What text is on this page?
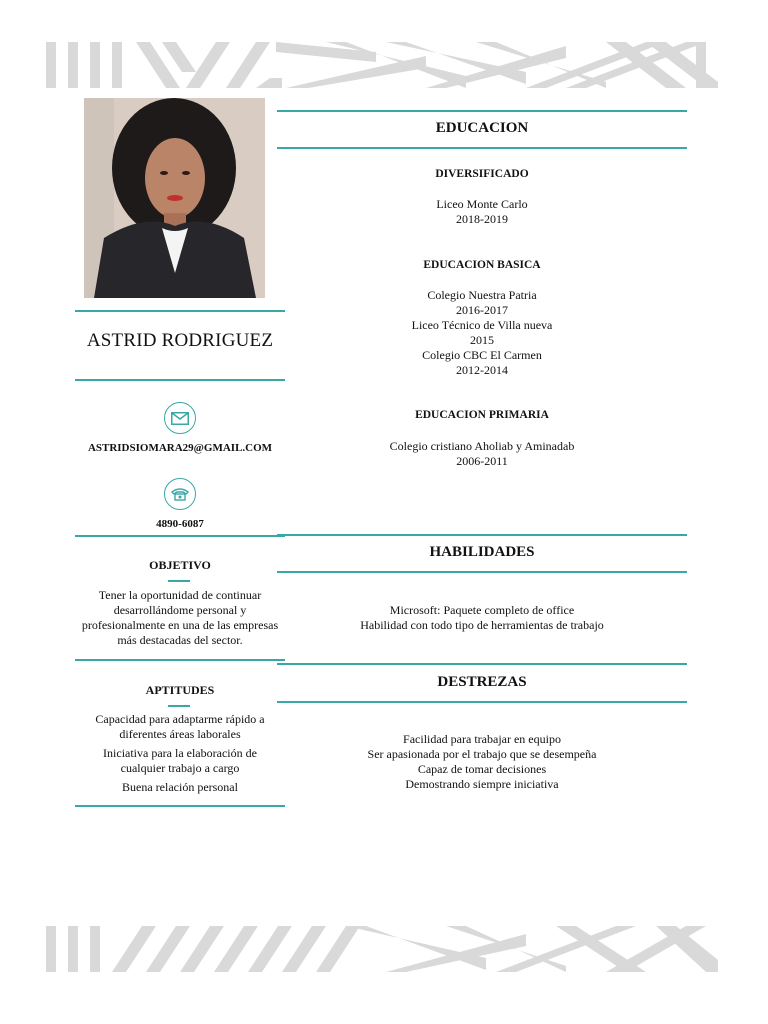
ASTRID RODRIGUEZ
ASTRIDSIOMARA29@GMAIL.COM
4890-6087
OBJETIVO
Tener la oportunidad de continuar desarrollándome personal y profesionalmente en una de las empresas más destacadas del sector.
APTITUDES
Capacidad para adaptarme rápido a diferentes áreas laborales
Iniciativa para la elaboración de cualquier trabajo a cargo
Buena relación personal
EDUCACION
DIVERSIFICADO
Liceo Monte Carlo
2018-2019
EDUCACION BASICA
Colegio Nuestra Patria
2016-2017
Liceo Técnico de Villa nueva
2015
Colegio CBC El Carmen
2012-2014
EDUCACION PRIMARIA
Colegio cristiano Aholiab y Aminadab
2006-2011
HABILIDADES
Microsoft: Paquete completo de office
Habilidad con todo tipo de herramientas de trabajo
DESTREZAS
Facilidad para trabajar en equipo
Ser apasionada por el trabajo que se desempeña
Capaz de tomar decisiones
Demostrando siempre iniciativa
